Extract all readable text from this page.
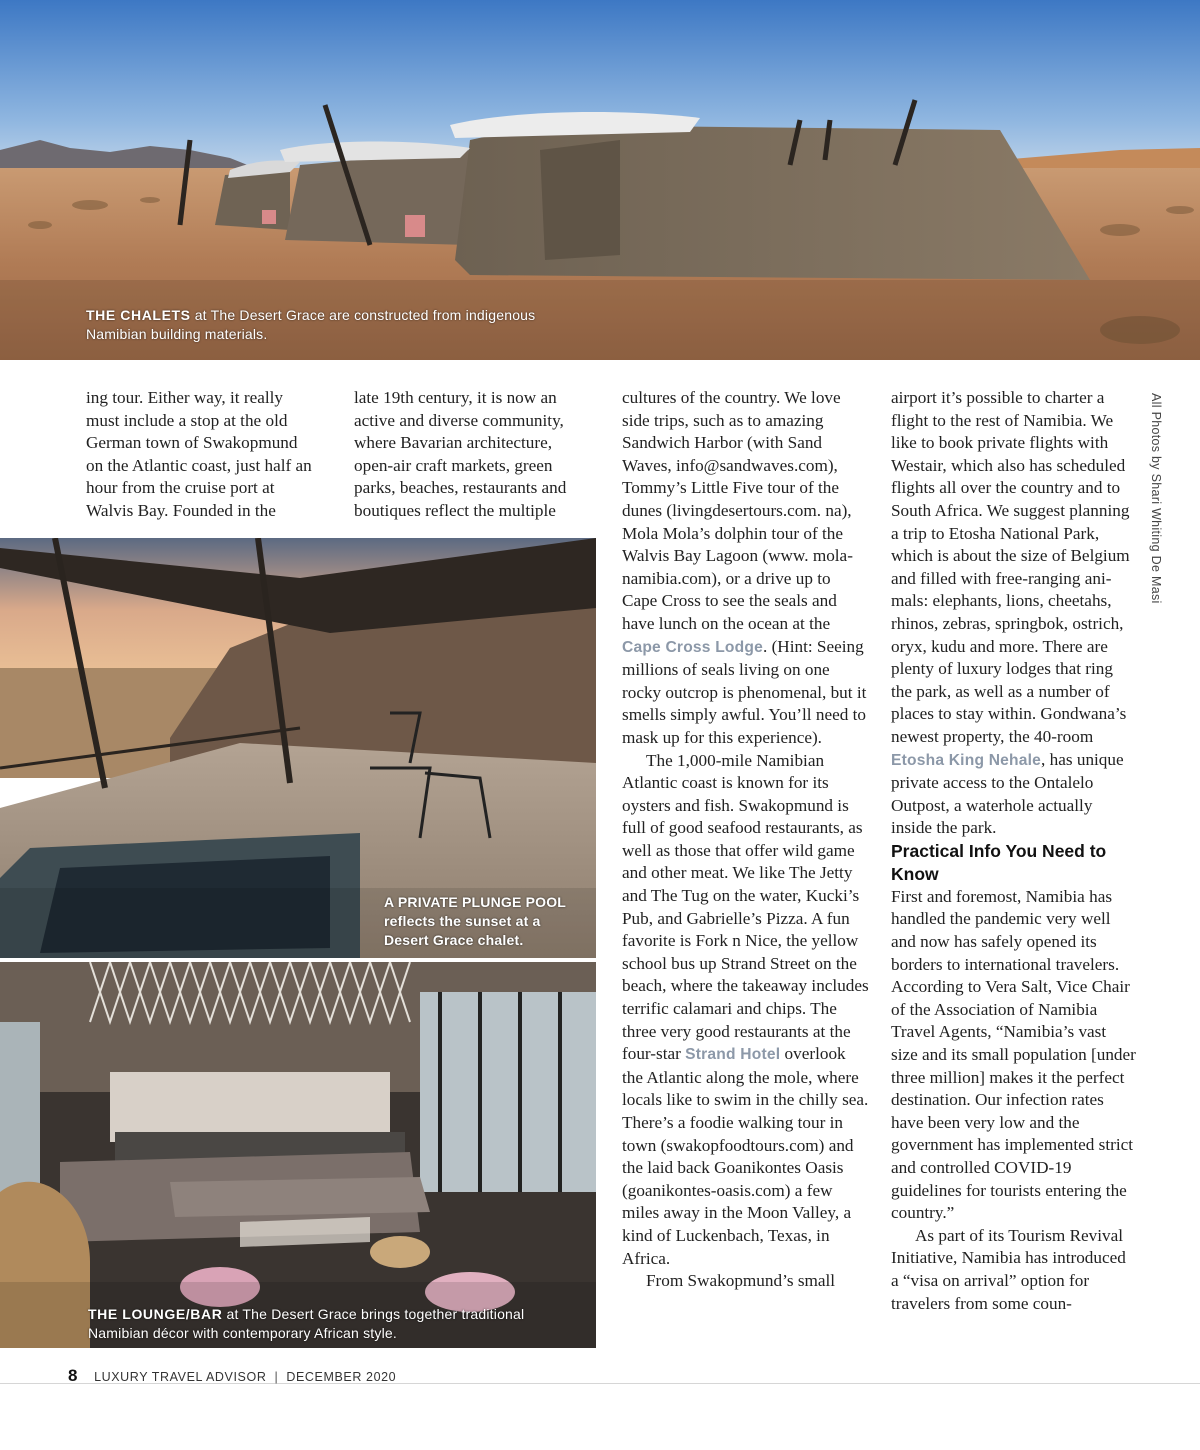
THE CHALETS at The Desert Grace are constructed from indigenous Namibian building materials.
A PRIVATE PLUNGE POOL reflects the sunset at a Desert Grace chalet.
THE LOUNGE/BAR at The Desert Grace brings together traditional Namibian décor with contemporary African style.

ing tour. Either way, it really must include a stop at the old German town of Swakopmund on the Atlantic coast, just half an hour from the cruise port at Walvis Bay. Founded in the

late 19th century, it is now an active and diverse community, where Bavarian architecture, open-air craft markets, green parks, beaches, restaurants and boutiques reflect the multiple

cultures of the country. We love side trips, such as to amazing Sandwich Harbor (with Sand Waves, info@sandwaves.com), Tommy’s Little Five tour of the dunes (livingdesertours.com. na), Mola Mola’s dolphin tour of the Walvis Bay Lagoon (www. mola-namibia.com), or a drive up to Cape Cross to see the seals and have lunch on the ocean at the Cape Cross Lodge. (Hint: Seeing millions of seals living on one rocky outcrop is phenomenal, but it smells simply awful. You’ll need to mask up for this experience).

The 1,000-mile Namibian Atlantic coast is known for its oysters and fish. Swakopmund is full of good seafood restaurants, as well as those that offer wild game and other meat. We like The Jetty and The Tug on the water, Kucki’s Pub, and Gabrielle’s Pizza. A fun favorite is Fork n Nice, the yellow school bus up Strand Street on the beach, where the takeaway includes terrific calamari and chips. The three very good restaurants at the four-star Strand Hotel overlook the Atlantic along the mole, where locals like to swim in the chilly sea. There’s a foodie walking tour in town (swakopfoodtours.com) and the laid back Goanikontes Oasis (goanikontes-oasis.com) a few miles away in the Moon Valley, a kind of Luckenbach, Texas, in Africa.

From Swakopmund’s small

airport it’s possible to charter a flight to the rest of Namibia. We like to book private flights with Westair, which also has scheduled flights all over the country and to South Africa. We suggest planning a trip to Etosha National Park, which is about the size of Belgium and filled with free-ranging animals: elephants, lions, cheetahs, rhinos, zebras, springbok, ostrich, oryx, kudu and more. There are plenty of luxury lodges that ring the park, as well as a number of places to stay within. Gondwana’s newest property, the 40-room Etosha King Nehale, has unique private access to the Ontalelo Outpost, a waterhole actually inside the park.

Practical Info You Need to Know

First and foremost, Namibia has handled the pandemic very well and now has safely opened its borders to international travelers. According to Vera Salt, Vice Chair of the Association of Namibia Travel Agents, “Namibia’s vast size and its small population [under three million] makes it the perfect destination. Our infection rates have been very low and the government has implemented strict and controlled COVID-19 guidelines for tourists entering the country.”

As part of its Tourism Revival Initiative, Namibia has introduced a “visa on arrival” option for travelers from some coun-

All Photos by Shari Whiting De Masi
8 LUXURY TRAVEL ADVISOR | DECEMBER 2020
